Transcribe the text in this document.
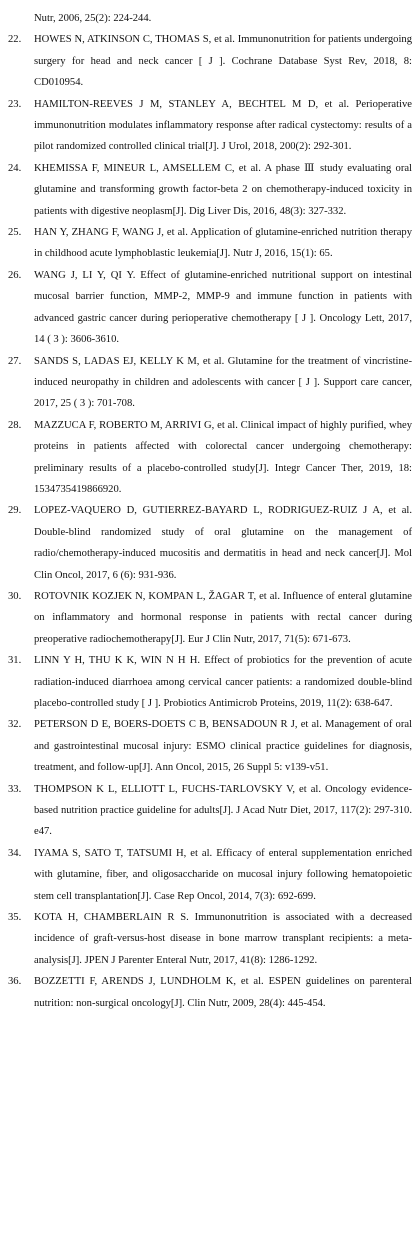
Nutr, 2006, 25(2): 224-244.
22.	HOWES N, ATKINSON C, THOMAS S, et al. Immunonutrition for patients undergoing surgery for head and neck cancer [ J ]. Cochrane Database Syst Rev, 2018, 8: CD010954.
23.	HAMILTON-REEVES J M, STANLEY A, BECHTEL M D, et al. Perioperative immunonutrition modulates inflammatory response after radical cystectomy: results of a pilot randomized controlled clinical trial[J]. J Urol, 2018, 200(2): 292-301.
24.	KHEMISSA F, MINEUR L, AMSELLEM C, et al. A phase Ⅲ study evaluating oral glutamine and transforming growth factor-beta 2 on chemotherapy-induced toxicity in patients with digestive neoplasm[J]. Dig Liver Dis, 2016, 48(3): 327-332.
25.	HAN Y, ZHANG F, WANG J, et al. Application of glutamine-enriched nutrition therapy in childhood acute lymphoblastic leukemia[J]. Nutr J, 2016, 15(1): 65.
26.	WANG J, LI Y, QI Y. Effect of glutamine-enriched nutritional support on intestinal mucosal barrier function, MMP-2, MMP-9 and immune function in patients with advanced gastric cancer during perioperative chemotherapy [ J ]. Oncology Lett, 2017, 14 ( 3 ): 3606-3610.
27.	SANDS S, LADAS EJ, KELLY K M, et al. Glutamine for the treatment of vincristine-induced neuropathy in children and adolescents with cancer [ J ]. Support care cancer, 2017, 25 ( 3 ): 701-708.
28.	MAZZUCA F, ROBERTO M, ARRIVI G, et al. Clinical impact of highly purified, whey proteins in patients affected with colorectal cancer undergoing chemotherapy: preliminary results of a placebo-controlled study[J]. Integr Cancer Ther, 2019, 18: 1534735419866920.
29.	LOPEZ-VAQUERO D, GUTIERREZ-BAYARD L, RODRIGUEZ-RUIZ J A, et al. Double-blind randomized study of oral glutamine on the management of radio/chemotherapy-induced mucositis and dermatitis in head and neck cancer[J]. Mol Clin Oncol, 2017, 6 (6): 931-936.
30.	ROTOVNIK KOZJEK N, KOMPAN L, ŽAGAR T, et al. Influence of enteral glutamine on inflammatory and hormonal response in patients with rectal cancer during preoperative radiochemotherapy[J]. Eur J Clin Nutr, 2017, 71(5): 671-673.
31.	LINN Y H, THU K K, WIN N H H. Effect of probiotics for the prevention of acute radiation-induced diarrhoea among cervical cancer patients: a randomized double-blind placebo-controlled study [ J ]. Probiotics Antimicrob Proteins, 2019, 11(2): 638-647.
32.	PETERSON D E, BOERS-DOETS C B, BENSADOUN R J, et al. Management of oral and gastrointestinal mucosal injury: ESMO clinical practice guidelines for diagnosis, treatment, and follow-up[J]. Ann Oncol, 2015, 26 Suppl 5: v139-v51.
33.	THOMPSON K L, ELLIOTT L, FUCHS-TARLOVSKY V, et al. Oncology evidence-based nutrition practice guideline for adults[J]. J Acad Nutr Diet, 2017, 117(2): 297-310. e47.
34.	IYAMA S, SATO T, TATSUMI H, et al. Efficacy of enteral supplementation enriched with glutamine, fiber, and oligosaccharide on mucosal injury following hematopoietic stem cell transplantation[J]. Case Rep Oncol, 2014, 7(3): 692-699.
35.	KOTA H, CHAMBERLAIN R S. Immunonutrition is associated with a decreased incidence of graft-versus-host disease in bone marrow transplant recipients: a meta-analysis[J]. JPEN J Parenter Enteral Nutr, 2017, 41(8): 1286-1292.
36.	BOZZETTI F, ARENDS J, LUNDHOLM K, et al. ESPEN guidelines on parenteral nutrition: non-surgical oncology[J]. Clin Nutr, 2009, 28(4): 445-454.
